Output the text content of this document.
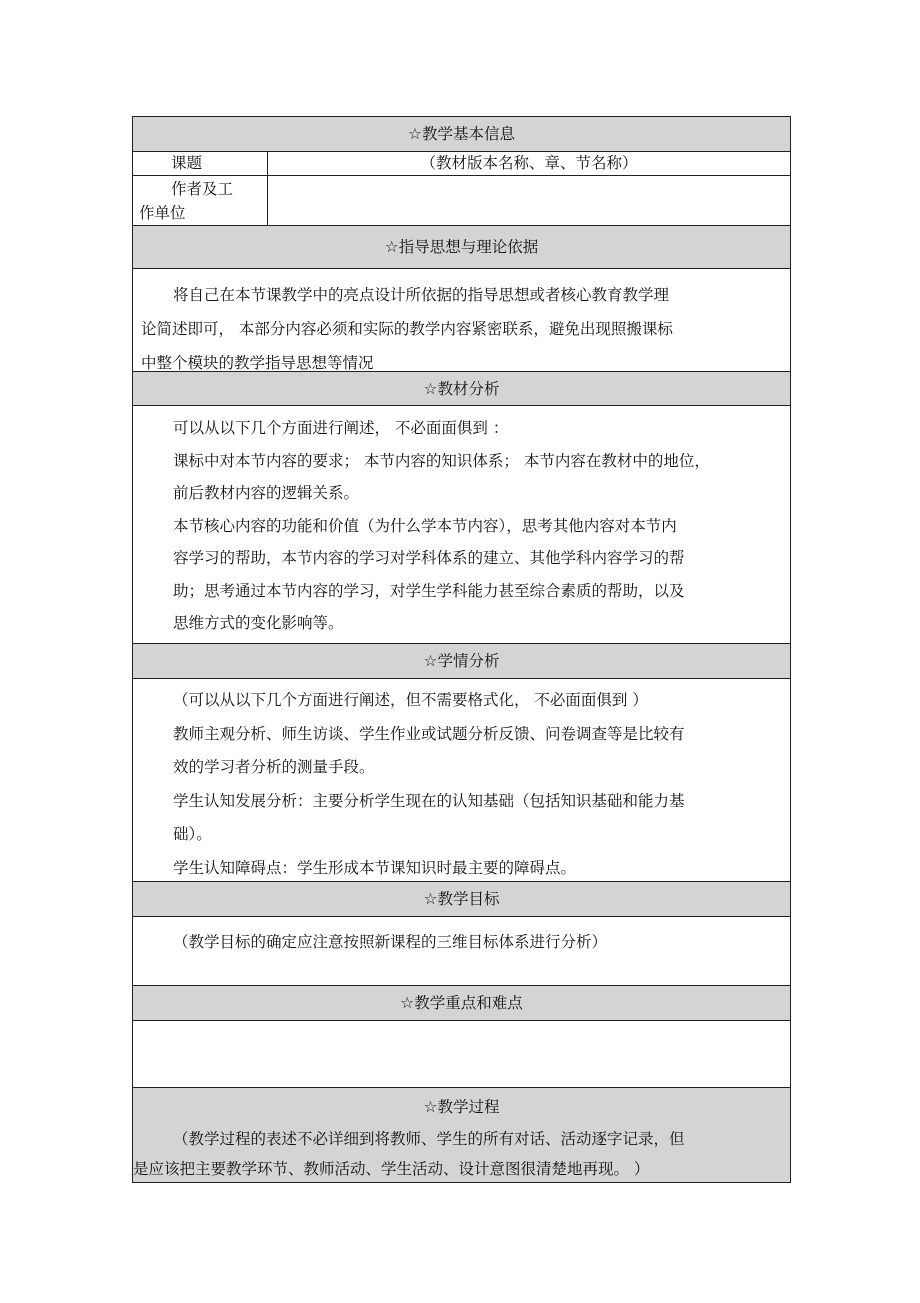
☆教学基本信息
课题	（教材版本名称、章、节名称）
作者及工
作单位
☆指导思想与理论依据
将自己在本节课教学中的亮点设计所依据的指导思想或者核心教育教学理
论简述即可， 本部分内容必须和实际的教学内容紧密联系，避免出现照搬课标
中整个模块的教学指导思想等情况
☆教材分析
可以从以下几个方面进行阐述， 不必面面俱到 ：
课标中对本节内容的要求； 本节内容的知识体系； 本节内容在教材中的地位，
前后教材内容的逻辑关系。
本节核心内容的功能和价值（为什么学本节内容），思考其他内容对本节内
容学习的帮助，本节内容的学习对学科体系的建立、其他学科内容学习的帮
助；思考通过本节内容的学习，对学生学科能力甚至综合素质的帮助，以及
思维方式的变化影响等。
☆学情分析
（可以从以下几个方面进行阐述，但不需要格式化， 不必面面俱到 ）
教师主观分析、师生访谈、学生作业或试题分析反馈、问卷调查等是比较有
效的学习者分析的测量手段。
学生认知发展分析：主要分析学生现在的认知基础（包括知识基础和能力基
础）。
学生认知障碍点：学生形成本节课知识时最主要的障碍点。
☆教学目标
（教学目标的确定应注意按照新课程的三维目标体系进行分析）
☆教学重点和难点
☆教学过程
（教学过程的表述不必详细到将教师、学生的所有对话、活动逐字记录，但
是应该把主要教学环节、教师活动、学生活动、设计意图很清楚地再现。 ）
